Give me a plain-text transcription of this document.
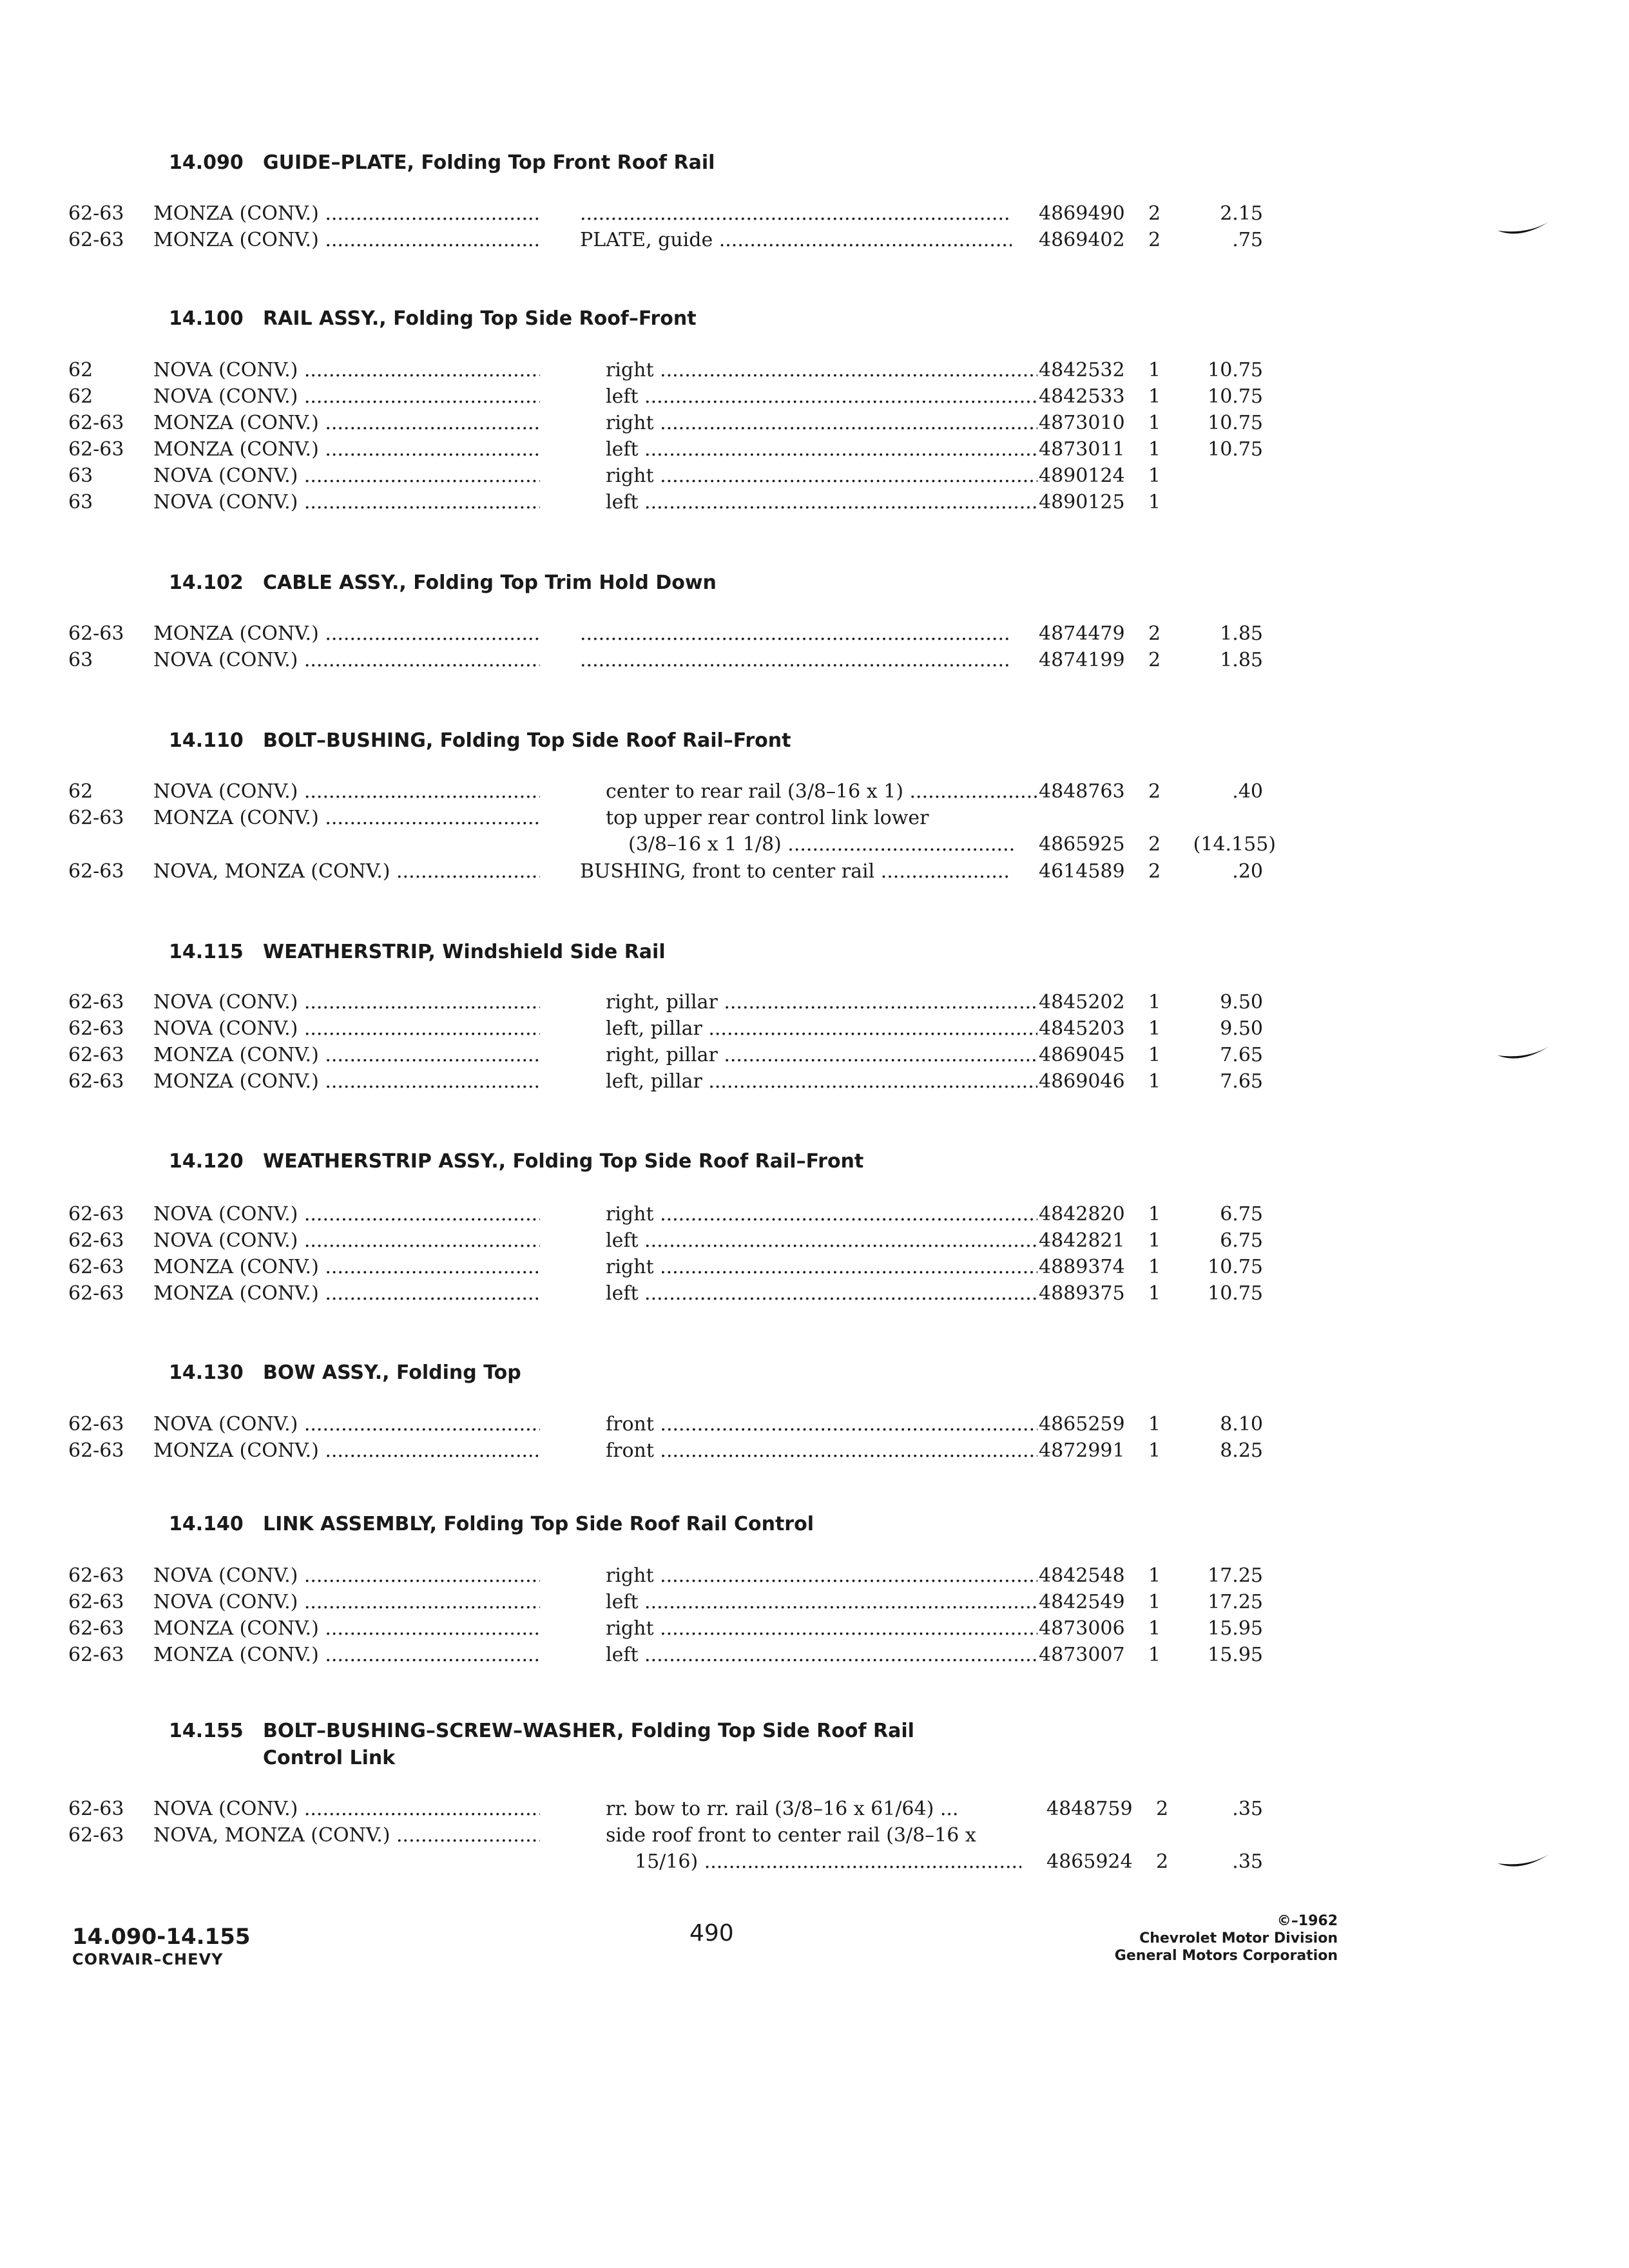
14.090 GUIDE–PLATE, Folding Top Front Roof Rail
62-63 MONZA (CONV.) ..... .....	4869490 2	2.15
62-63 MONZA (CONV.) .....	PLATE, guide .....	4869402 2	.75
14.100 RAIL ASSY., Folding Top Side Roof–Front
62	NOVA (CONV.) .....	right .....	4842532 1	10.75
62	NOVA (CONV.) .....	left .....	4842533 1	10.75
62-63 MONZA (CONV.) .....	right .....	4873010 1	10.75
62-63 MONZA (CONV.) .....	left .....	4873011 1	10.75
63	NOVA (CONV.) .....	right .....	4890124 1
63	NOVA (CONV.) .....	left .....	4890125 1
14.102 CABLE ASSY., Folding Top Trim Hold Down
62-63 MONZA (CONV.) ..... .....	4874479 2	1.85
63	NOVA (CONV.) ..... .....	4874199 2	1.85
14.110 BOLT–BUSHING, Folding Top Side Roof Rail–Front
62	NOVA (CONV.) .....	center to rear rail (3/8–16 x 1) .....	4848763 2	.40
62-63 MONZA (CONV.) .....	top upper rear control link lower
(3/8–16 x 1 1/8) .....	4865925 2 (14.155)
62-63 NOVA, MONZA (CONV.) .....	BUSHING, front to center rail .....	4614589 2	.20
14.115 WEATHERSTRIP, Windshield Side Rail
62-63 NOVA (CONV.) .....	right, pillar .....	4845202 1	9.50
62-63 NOVA (CONV.) .....	left, pillar .....	4845203 1	9.50
62-63 MONZA (CONV.) .....	right, pillar .....	4869045 1	7.65
62-63 MONZA (CONV.) .....	left, pillar .....	4869046 1	7.65
14.120 WEATHERSTRIP ASSY., Folding Top Side Roof Rail–Front
62-63 NOVA (CONV.) .....	right .....	4842820 1	6.75
62-63 NOVA (CONV.) .....	left .....	4842821 1	6.75
62-63 MONZA (CONV.) .....	right .....	4889374 1	10.75
62-63 MONZA (CONV.) .....	left .....	4889375 1	10.75
14.130 BOW ASSY., Folding Top
62-63 NOVA (CONV.) .....	front .....	4865259 1	8.10
62-63 MONZA (CONV.) .....	front .....	4872991 1	8.25
14.140 LINK ASSEMBLY, Folding Top Side Roof Rail Control
62-63 NOVA (CONV.) .....	right .....	4842548 1	17.25
62-63 NOVA (CONV.) .....	left .....	4842549 1	17.25
62-63 MONZA (CONV.) .....	right .....	4873006 1	15.95
62-63 MONZA (CONV.) .....	left .....	4873007 1	15.95
14.155 BOLT–BUSHING–SCREW–WASHER, Folding Top Side Roof Rail
Control Link
62-63 NOVA (CONV.) .....	rr. bow to rr. rail (3/8–16 x 61/64) ...	4848759 2	.35
62-63 NOVA, MONZA (CONV.) .....	side roof front to center rail (3/8–16 x
15/16) .....	4865924 2	.35
14.090-14.155
CORVAIR–CHEVY
490	©–1962
Chevrolet Motor Division
General Motors Corporation
